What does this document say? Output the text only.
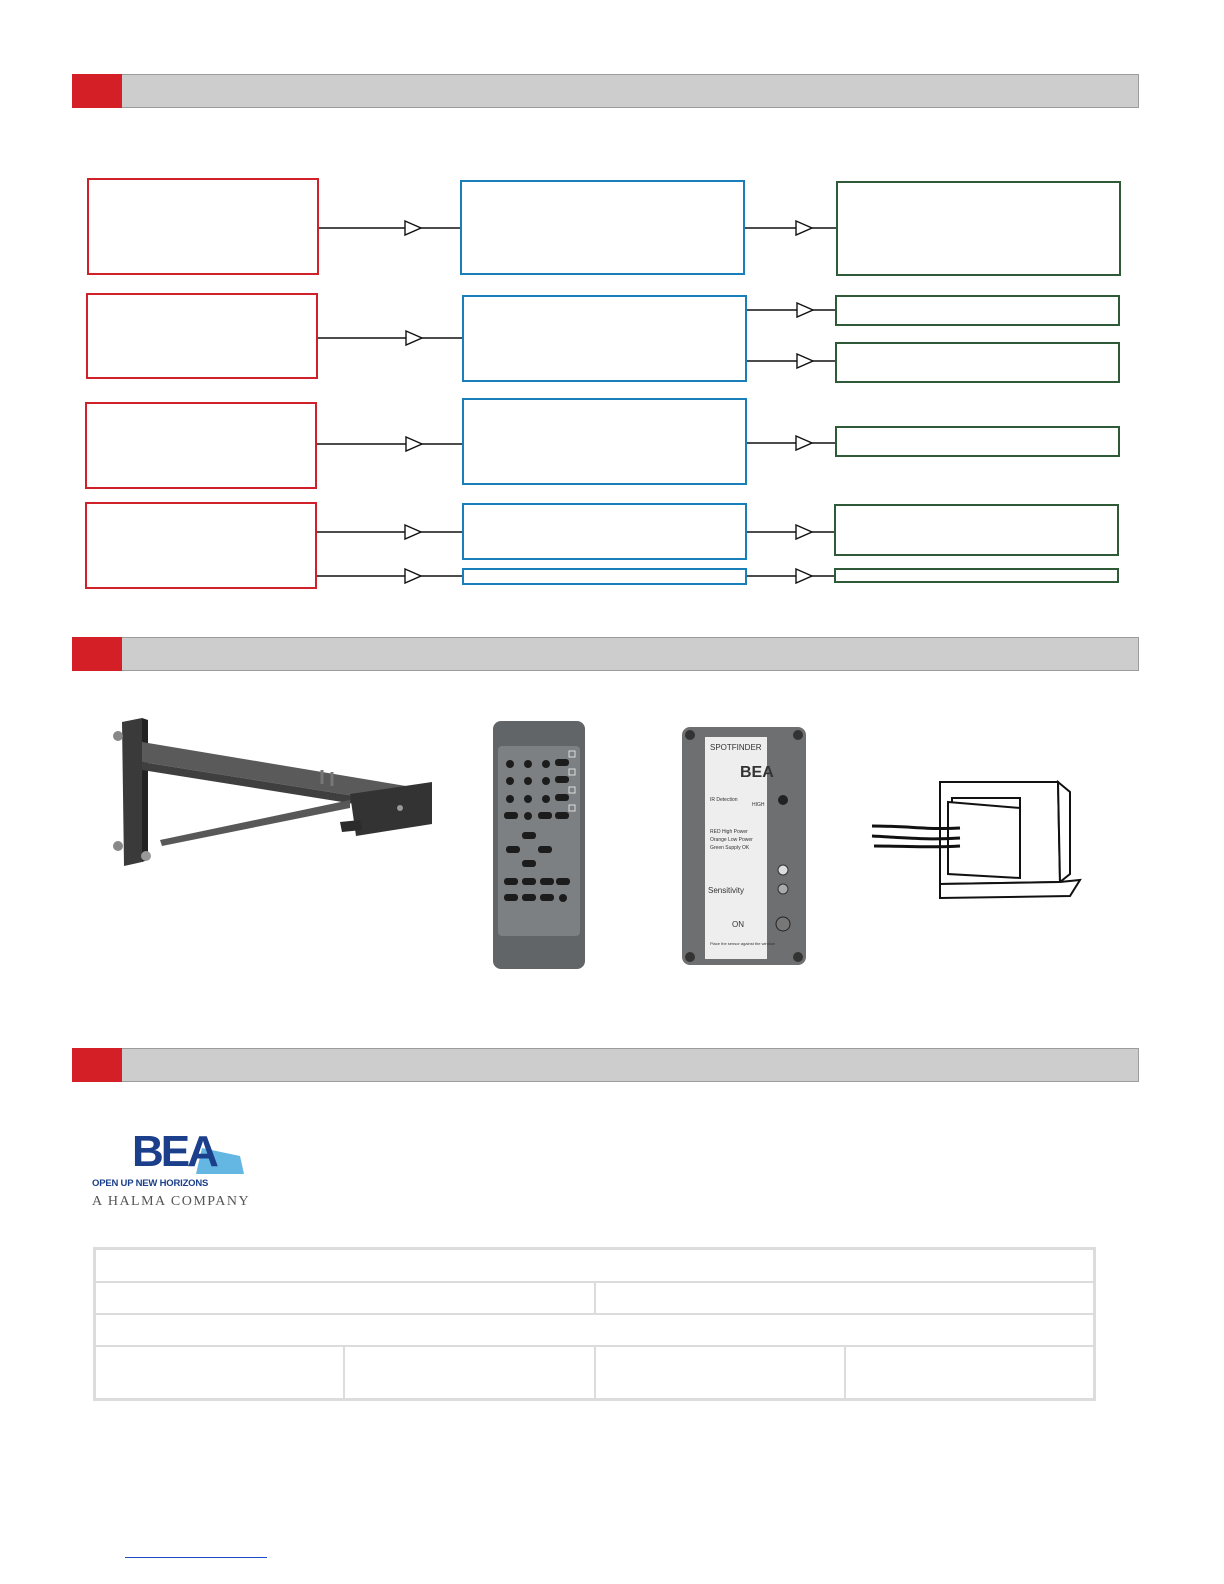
SPOTFINDER
BEA
IR Detection
HIGH
RED High Power
Orange Low Power
Green Supply OK
Sensitivity
ON
Place the sensor against the window
BEA
OPEN UP NEW HORIZONS
A HALMA COMPANY
